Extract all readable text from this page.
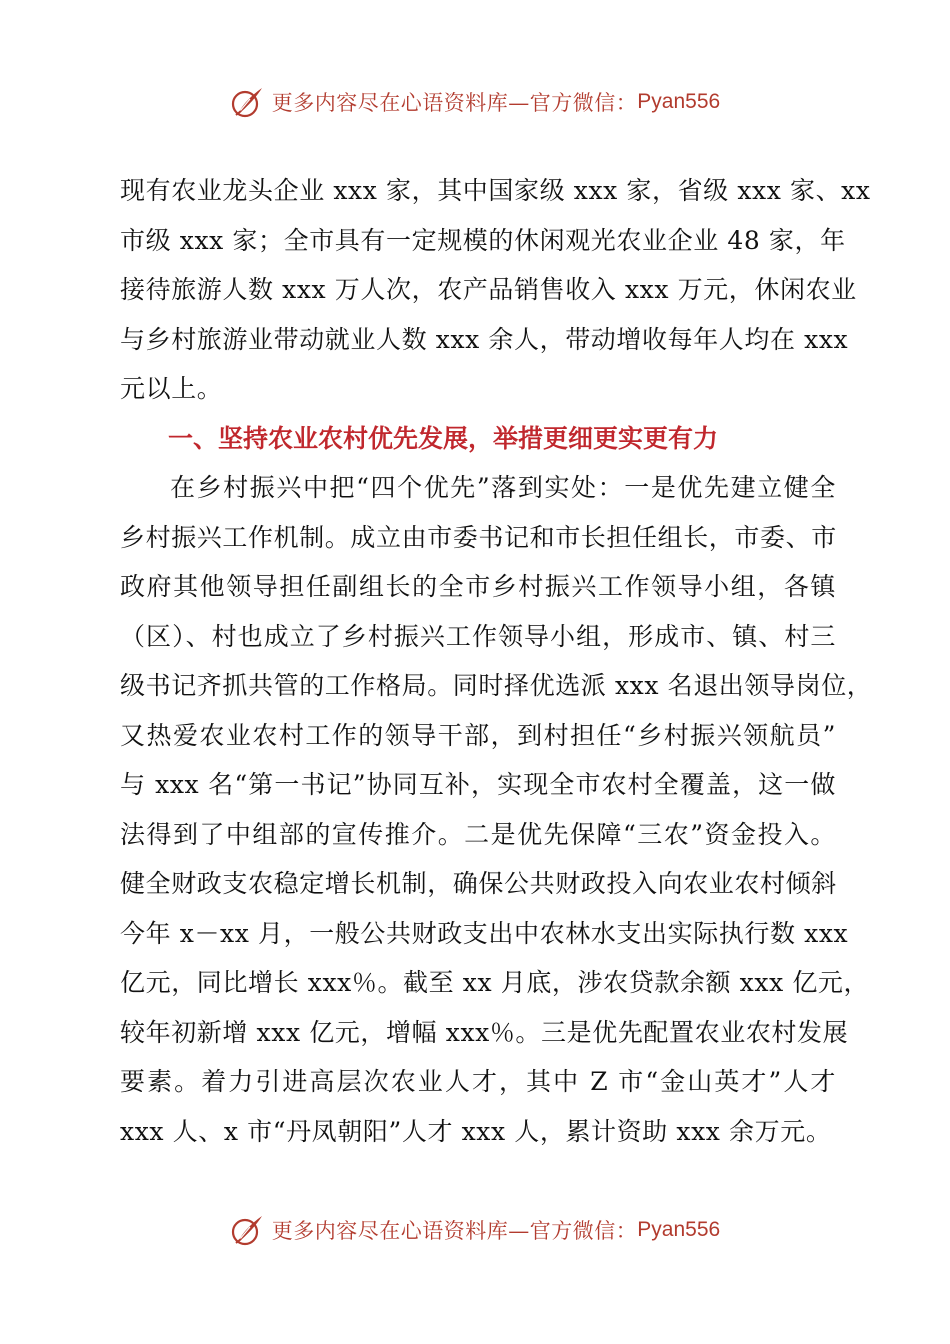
更多内容尽在心语资料库—官方微信： Pyan556
现有农业龙头企业 xxx 家，其中国家级 xxx 家，省级 xxx 家、xx
市级 xxx 家；全市具有一定规模的休闲观光农业企业 48 家，年
接待旅游人数 xxx 万人次，农产品销售收入 xxx 万元，休闲农业
与乡村旅游业带动就业人数 xxx 余人，带动增收每年人均在 xxx
元以上。
一、坚持农业农村优先发展，举措更细更实更有力
在乡村振兴中把“四个优先”落到实处：一是优先建立健全
乡村振兴工作机制。成立由市委书记和市长担任组长，市委、市
政府其他领导担任副组长的全市乡村振兴工作领导小组，各镇
（区）、村也成立了乡村振兴工作领导小组，形成市、镇、村三
级书记齐抓共管的工作格局。同时择优选派 xxx 名退出领导岗位，
又热爱农业农村工作的领导干部，到村担任“乡村振兴领航员”
与 xxx 名“第一书记”协同互补，实现全市农村全覆盖，这一做
法得到了中组部的宣传推介。二是优先保障“三农”资金投入。
健全财政支农稳定增长机制，确保公共财政投入向农业农村倾斜
今年 x－xx 月，一般公共财政支出中农林水支出实际执行数 xxx
亿元，同比增长 xxx％。截至 xx 月底，涉农贷款余额 xxx 亿元，
较年初新增 xxx 亿元，增幅 xxx％。三是优先配置农业农村发展
要素。着力引进高层次农业人才，其中 Z 市“金山英才”人才
xxx 人、x 市“丹凤朝阳”人才 xxx 人，累计资助 xxx 余万元。
更多内容尽在心语资料库—官方微信： Pyan556
